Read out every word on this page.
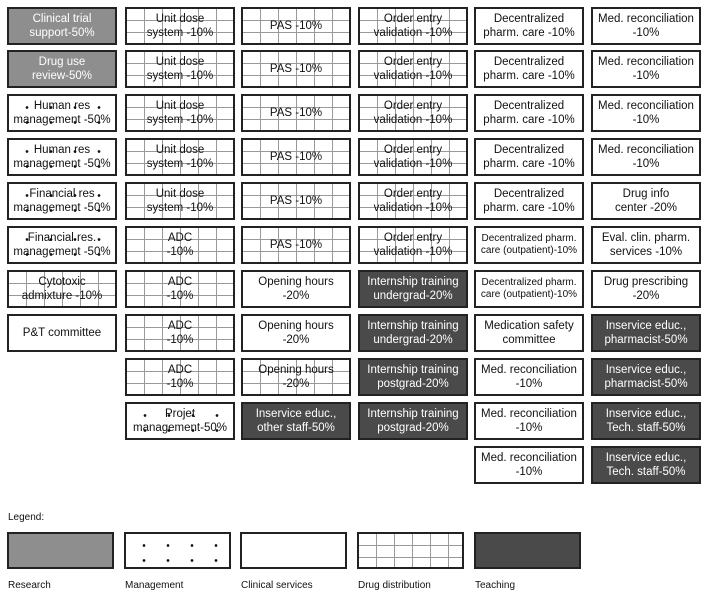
Clinical trial
support-50%
Drug use
review-50%
Human res
management -50%
Human res
management -50%
Financial res
management -50%
Financial res.
management -50%
Cytotoxic
admixture -10%
P&T committee
Unit dose
system -10%
Unit dose
system -10%
Unit dose
system -10%
Unit dose
system -10%
Unit dose
system -10%
ADC
-10%
ADC
-10%
ADC
-10%
ADC
-10%
Projet
management-50%
PAS -10%
PAS -10%
PAS -10%
PAS -10%
PAS -10%
PAS -10%
Opening hours
-20%
Opening hours
-20%
Opening hours
-20%
Inservice educ.,
other staff-50%
Order entry
validation -10%
Order entry
validation -10%
Order entry
validation -10%
Order entry
validation -10%
Order entry
validation -10%
Order entry
validation -10%
Internship training
undergrad-20%
Internship training
undergrad-20%
Internship training
postgrad-20%
Internship training
postgrad-20%
Decentralized
pharm. care -10%
Decentralized
pharm. care -10%
Decentralized
pharm. care -10%
Decentralized
pharm. care -10%
Decentralized
pharm. care -10%
Decentralized pharm.
care (outpatient)-10%
Decentralized pharm.
care (outpatient)-10%
Medication safety
committee
Med. reconciliation
-10%
Med. reconciliation
-10%
Med. reconciliation
-10%
Med. reconciliation
-10%
Med. reconciliation
-10%
Med. reconciliation
-10%
Med. reconciliation
-10%
Drug info
center -20%
Eval. clin. pharm.
services -10%
Drug prescribing
-20%
Inservice educ.,
pharmacist-50%
Inservice educ.,
pharmacist-50%
Inservice educ.,
Tech. staff-50%
Inservice educ.,
Tech. staff-50%
Legend:
Research	Management	Clinical services	Drug distribution	Teaching
